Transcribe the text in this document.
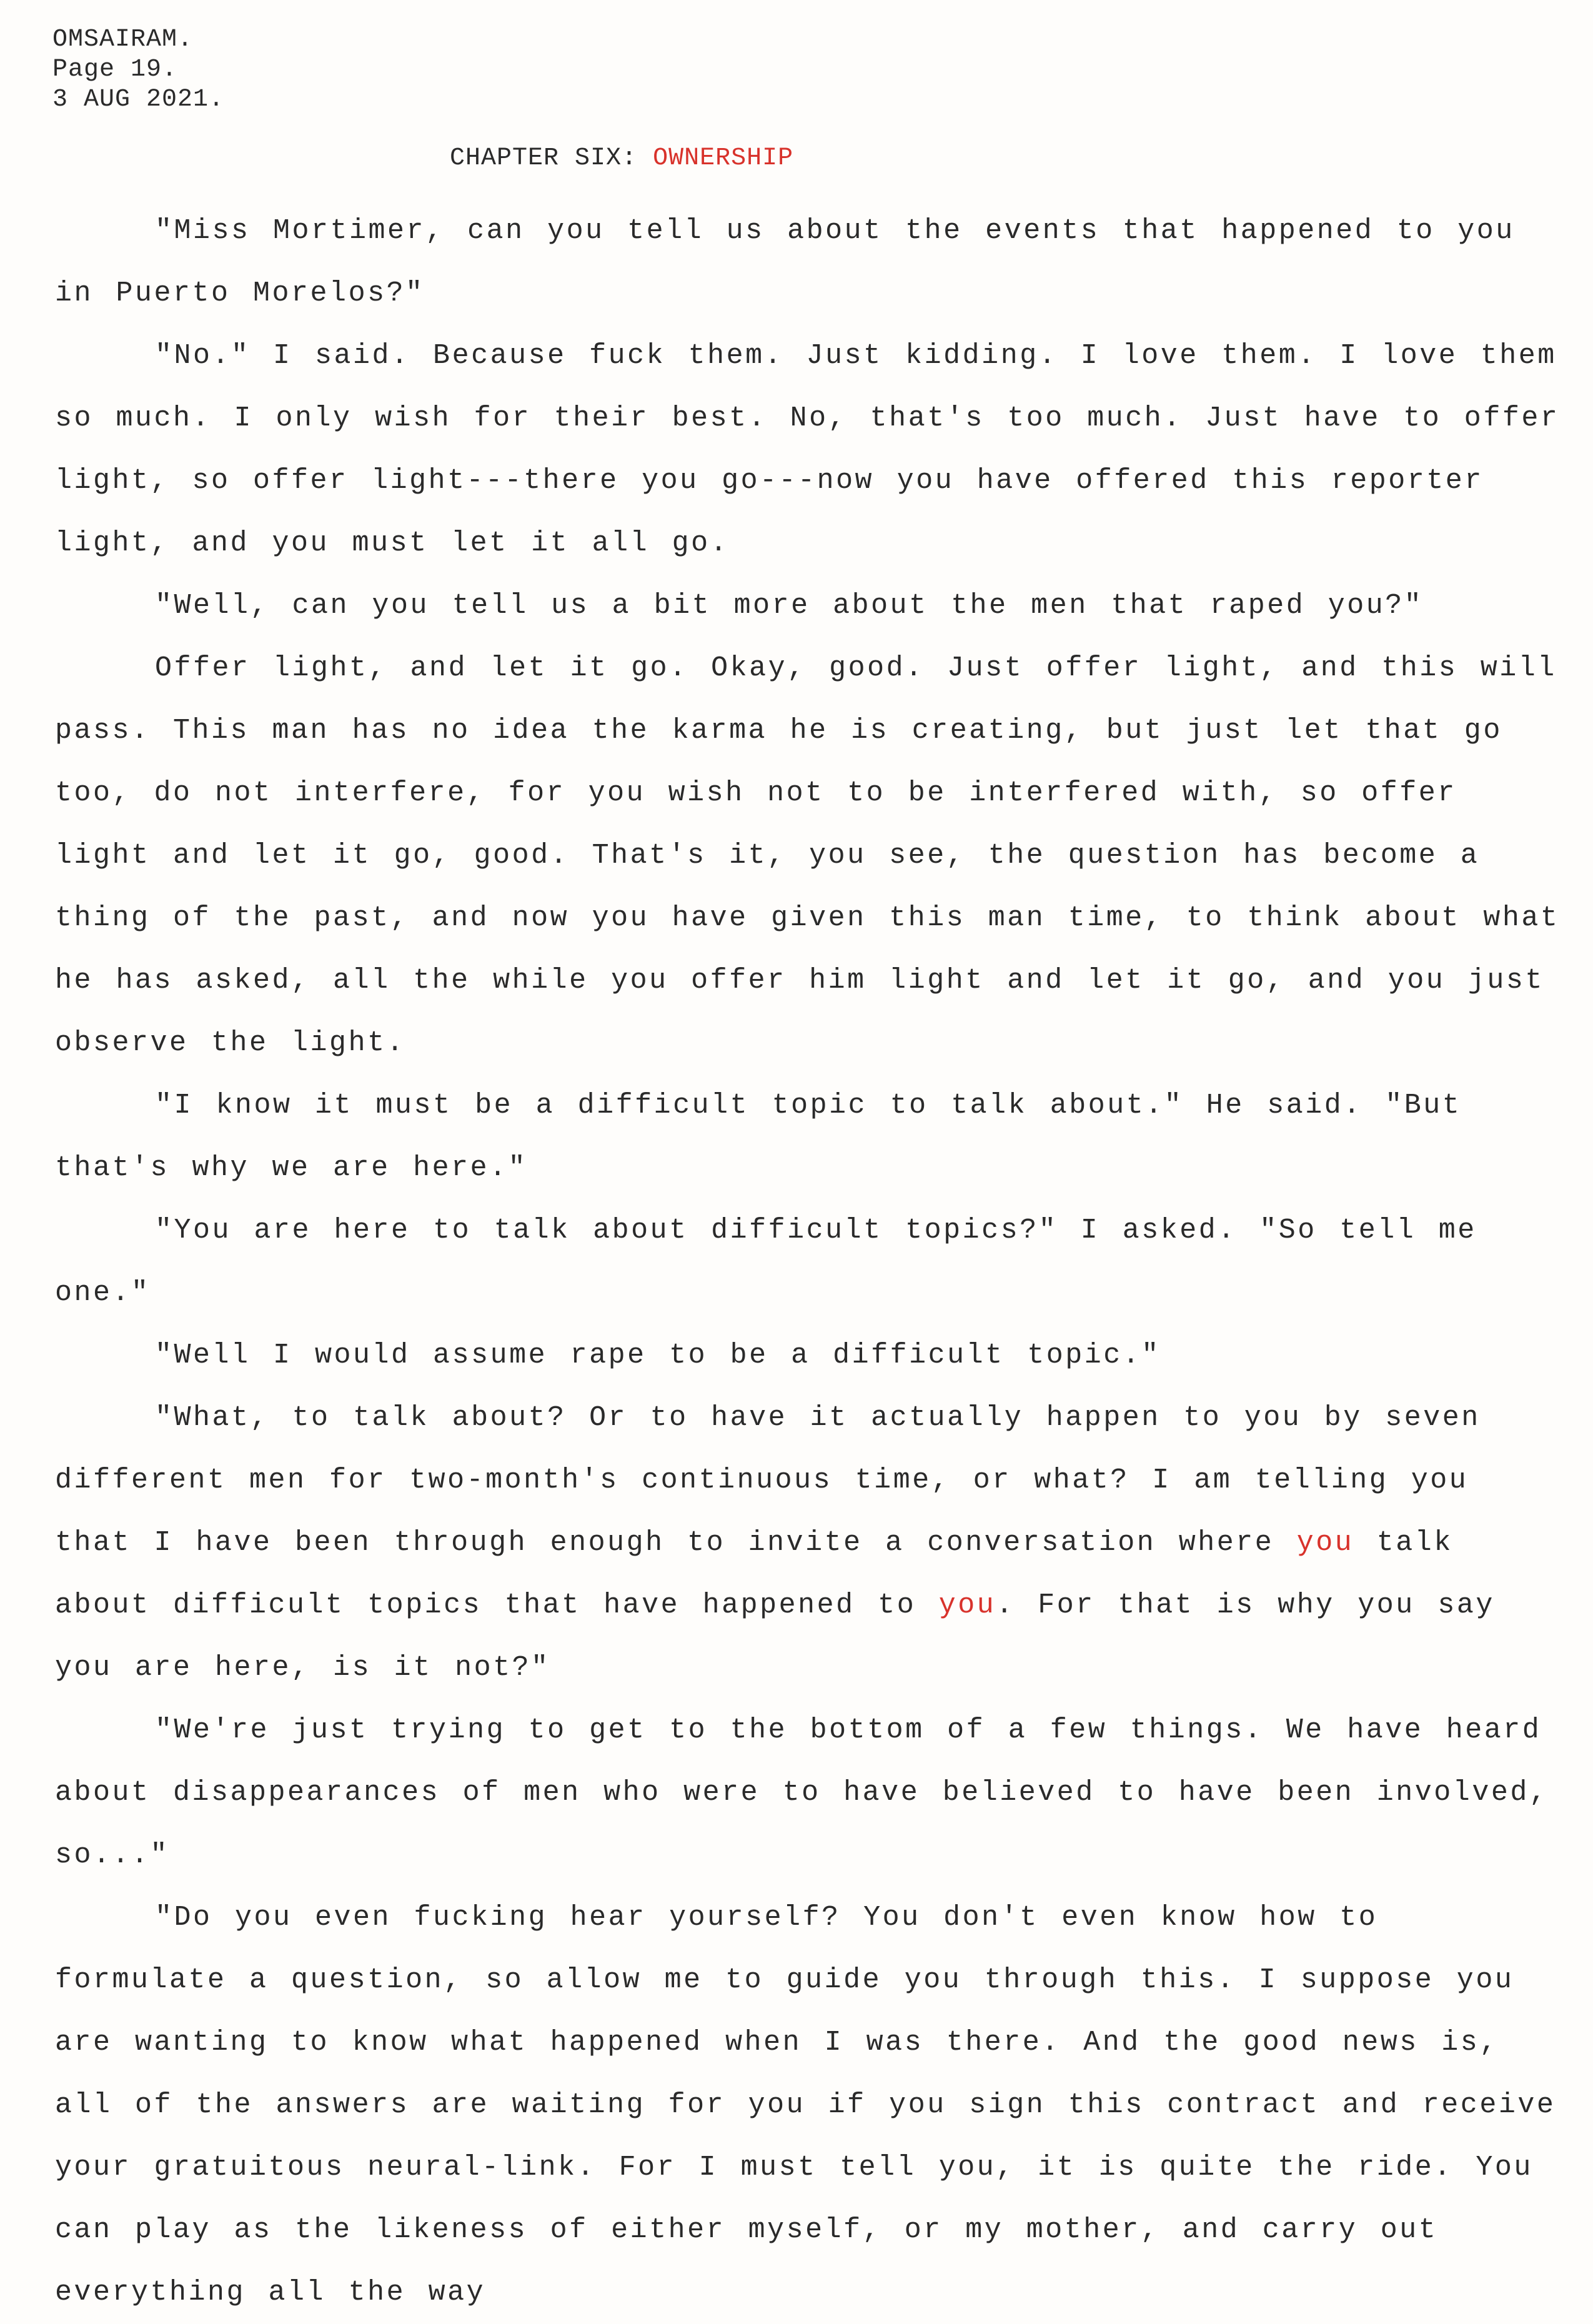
OMSAIRAM.
Page 19.
3 AUG 2021.
CHAPTER SIX: OWNERSHIP

"Miss Mortimer, can you tell us about the events that happened to you in Puerto Morelos?"

"No." I said. Because fuck them. Just kidding. I love them. I love them so much. I only wish for their best. No, that's too much. Just have to offer light, so offer light---there you go---now you have offered this reporter light, and you must let it all go.

"Well, can you tell us a bit more about the men that raped you?"

Offer light, and let it go. Okay, good. Just offer light, and this will pass. This man has no idea the karma he is creating, but just let that go too, do not interfere, for you wish not to be interfered with, so offer light and let it go, good. That's it, you see, the question has become a thing of the past, and now you have given this man time, to think about what he has asked, all the while you offer him light and let it go, and you just observe the light.

"I know it must be a difficult topic to talk about." He said. "But that's why we are here."

"You are here to talk about difficult topics?" I asked. "So tell me one."

"Well I would assume rape to be a difficult topic."

"What, to talk about? Or to have it actually happen to you by seven different men for two-month's continuous time, or what? I am telling you that I have been through enough to invite a conversation where you talk about difficult topics that have happened to you. For that is why you say you are here, is it not?"

"We're just trying to get to the bottom of a few things. We have heard about disappearances of men who were to have believed to have been involved, so..."

"Do you even fucking hear yourself? You don't even know how to formulate a question, so allow me to guide you through this. I suppose you are wanting to know what happened when I was there. And the good news is, all of the answers are waiting for you if you sign this contract and receive your gratuitous neural-link. For I must tell you, it is quite the ride. You can play as the likeness of either myself, or my mother, and carry out everything all the way
